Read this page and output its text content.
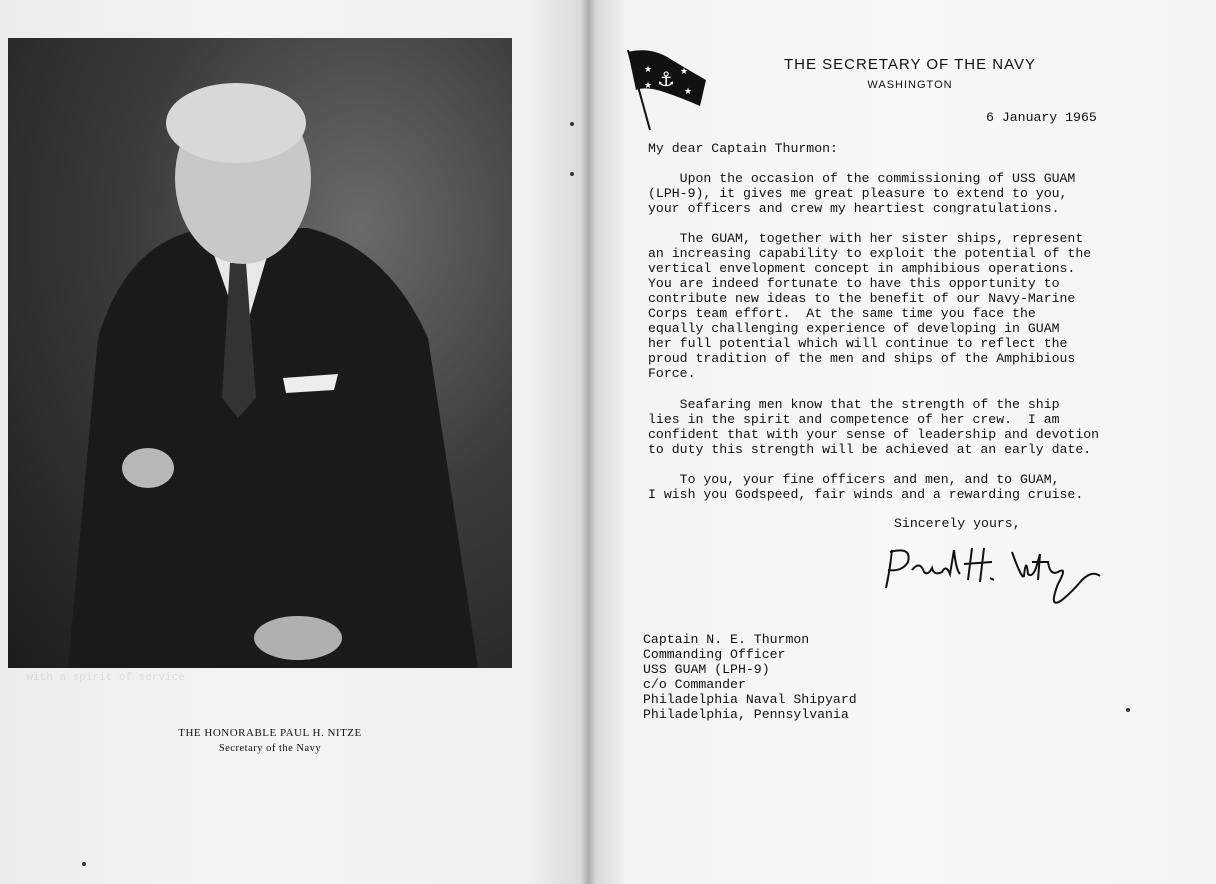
with a spirit of service
THE HONORABLE PAUL H. NITZE
Secretary of the Navy
⚓
★	★
★
★
THE SECRETARY OF THE NAVY
WASHINGTON
6 January 1965
My dear Captain Thurmon:
Upon the occasion of the commissioning of USS GUAM
(LPH-9), it gives me great pleasure to extend to you,
your officers and crew my heartiest congratulations.
The GUAM, together with her sister ships, represent
an increasing capability to exploit the potential of the
vertical envelopment concept in amphibious operations.
You are indeed fortunate to have this opportunity to
contribute new ideas to the benefit of our Navy-Marine
Corps team effort.  At the same time you face the
equally challenging experience of developing in GUAM
her full potential which will continue to reflect the
proud tradition of the men and ships of the Amphibious
Force.
Seafaring men know that the strength of the ship
lies in the spirit and competence of her crew.  I am
confident that with your sense of leadership and devotion
to duty this strength will be achieved at an early date.
To you, your fine officers and men, and to GUAM,
I wish you Godspeed, fair winds and a rewarding cruise.
Sincerely yours,
Captain N. E. Thurmon
Commanding Officer
USS GUAM (LPH-9)
c/o Commander
Philadelphia Naval Shipyard
Philadelphia, Pennsylvania
